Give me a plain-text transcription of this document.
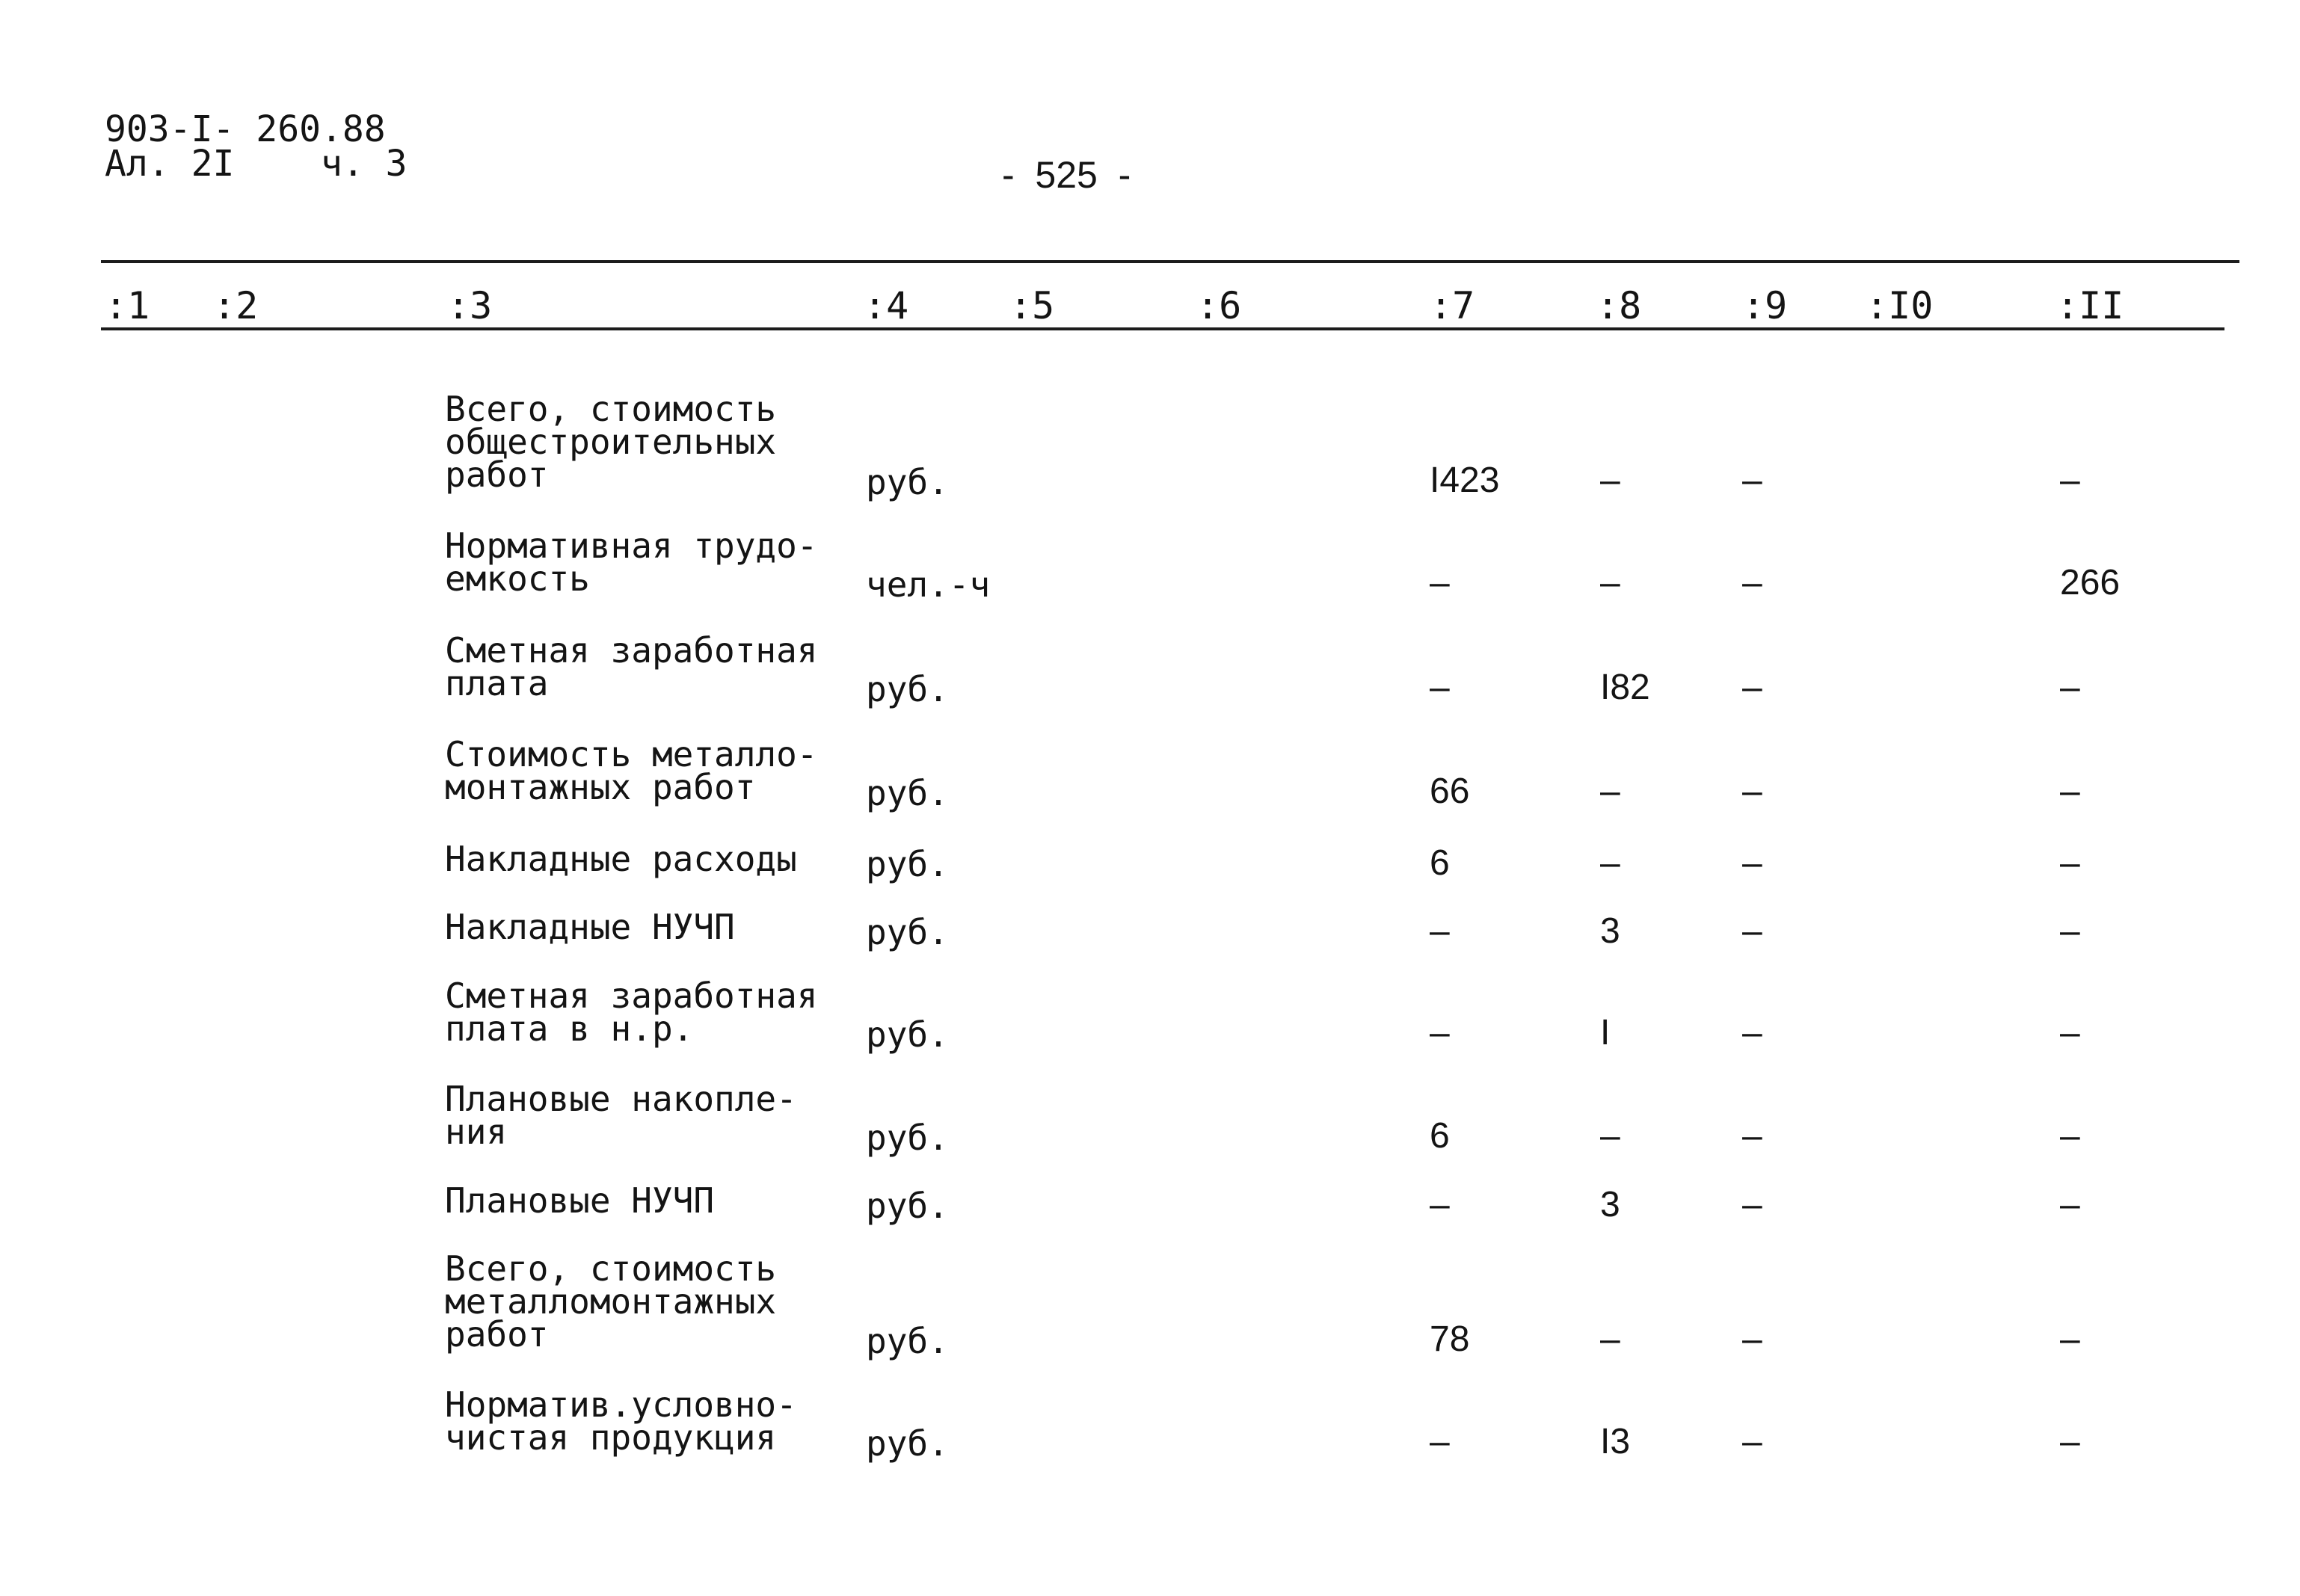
903-I- 260.88
Ал. 2I    ч. 3	-  525  -
:1 :2	:3	:4	:5	:6	:7	:8	:9 :I0	:II
Всего, стоимость
общестроительных
работ	руб.	I423	–	–	–
Нормативная трудо-
емкость	чел.-ч	–	–	–	266
Сметная заработная
плата	руб.	–	I82	–	–
Стоимость металло-
монтажных работ	руб.	66	–	–	–
Накладные расходы руб.	6	–	–	–
Накладные НУЧП	руб.	–	3	–	–
Сметная заработная
плата в н.р.	руб.	–	I	–	–
Плановые накопле-
ния	руб.	6	–	–	–
Плановые НУЧП	руб.	–	3	–	–
Всего, стоимость
металломонтажных
работ	руб.	78	–	–	–
Норматив.условно-
чистая продукция	руб.	–	I3	–	–
